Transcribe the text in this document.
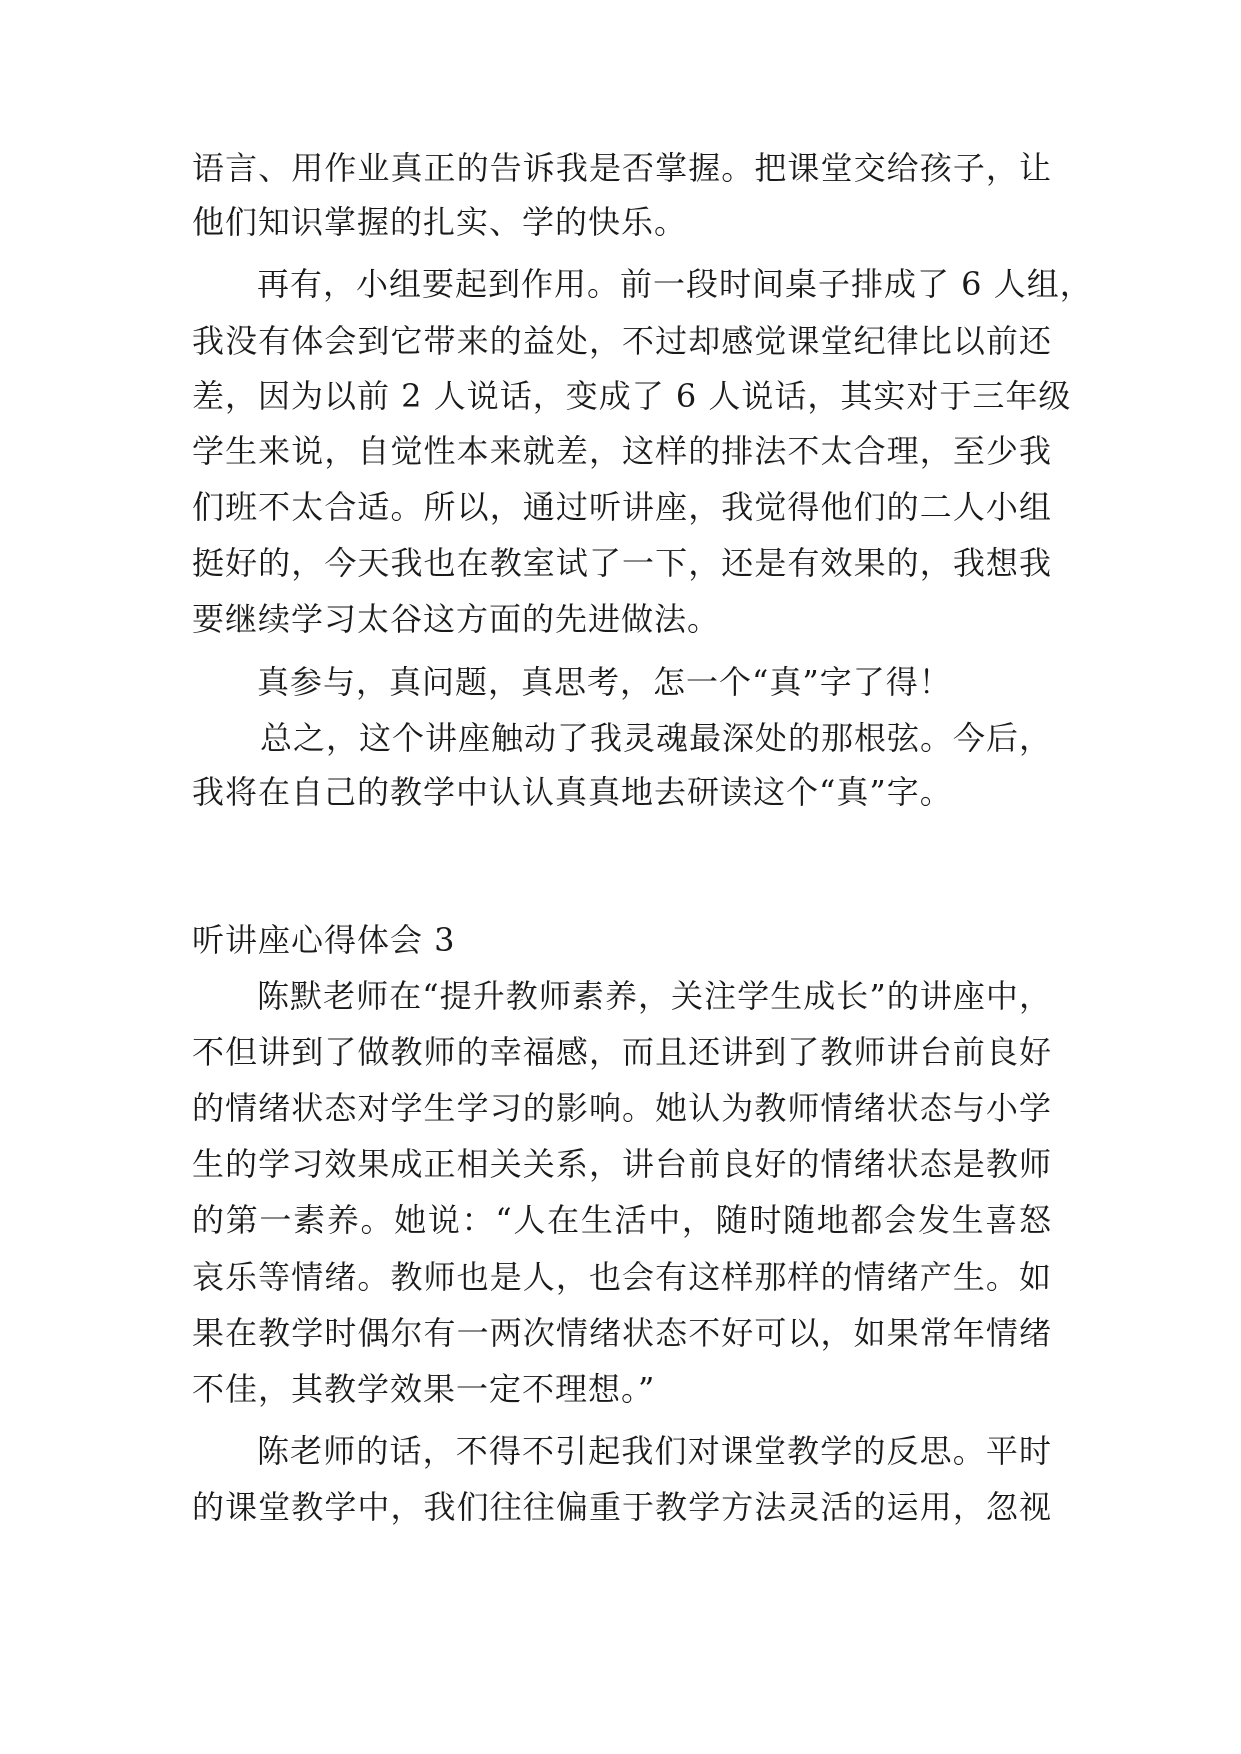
语言、用作业真正的告诉我是否掌握。把课堂交给孩子，让
他们知识掌握的扎实、学的快乐。
再有，小组要起到作用。前一段时间桌子排成了 6 人组，
我没有体会到它带来的益处，不过却感觉课堂纪律比以前还
差，因为以前 2 人说话，变成了 6 人说话，其实对于三年级
学生来说，自觉性本来就差，这样的排法不太合理，至少我
们班不太合适。所以，通过听讲座，我觉得他们的二人小组
挺好的，今天我也在教室试了一下，还是有效果的，我想我
要继续学习太谷这方面的先进做法。
真参与，真问题，真思考，怎一个“真”字了得！
总之，这个讲座触动了我灵魂最深处的那根弦。今后，
我将在自己的教学中认认真真地去研读这个“真”字。
听讲座心得体会 3
陈默老师在“提升教师素养，关注学生成长”的讲座中，
不但讲到了做教师的幸福感，而且还讲到了教师讲台前良好
的情绪状态对学生学习的影响。她认为教师情绪状态与小学
生的学习效果成正相关关系，讲台前良好的情绪状态是教师
的第一素养。她说：“人在生活中，随时随地都会发生喜怒
哀乐等情绪。教师也是人，也会有这样那样的情绪产生。如
果在教学时偶尔有一两次情绪状态不好可以，如果常年情绪
不佳，其教学效果一定不理想。”
陈老师的话，不得不引起我们对课堂教学的反思。平时
的课堂教学中，我们往往偏重于教学方法灵活的运用，忽视
